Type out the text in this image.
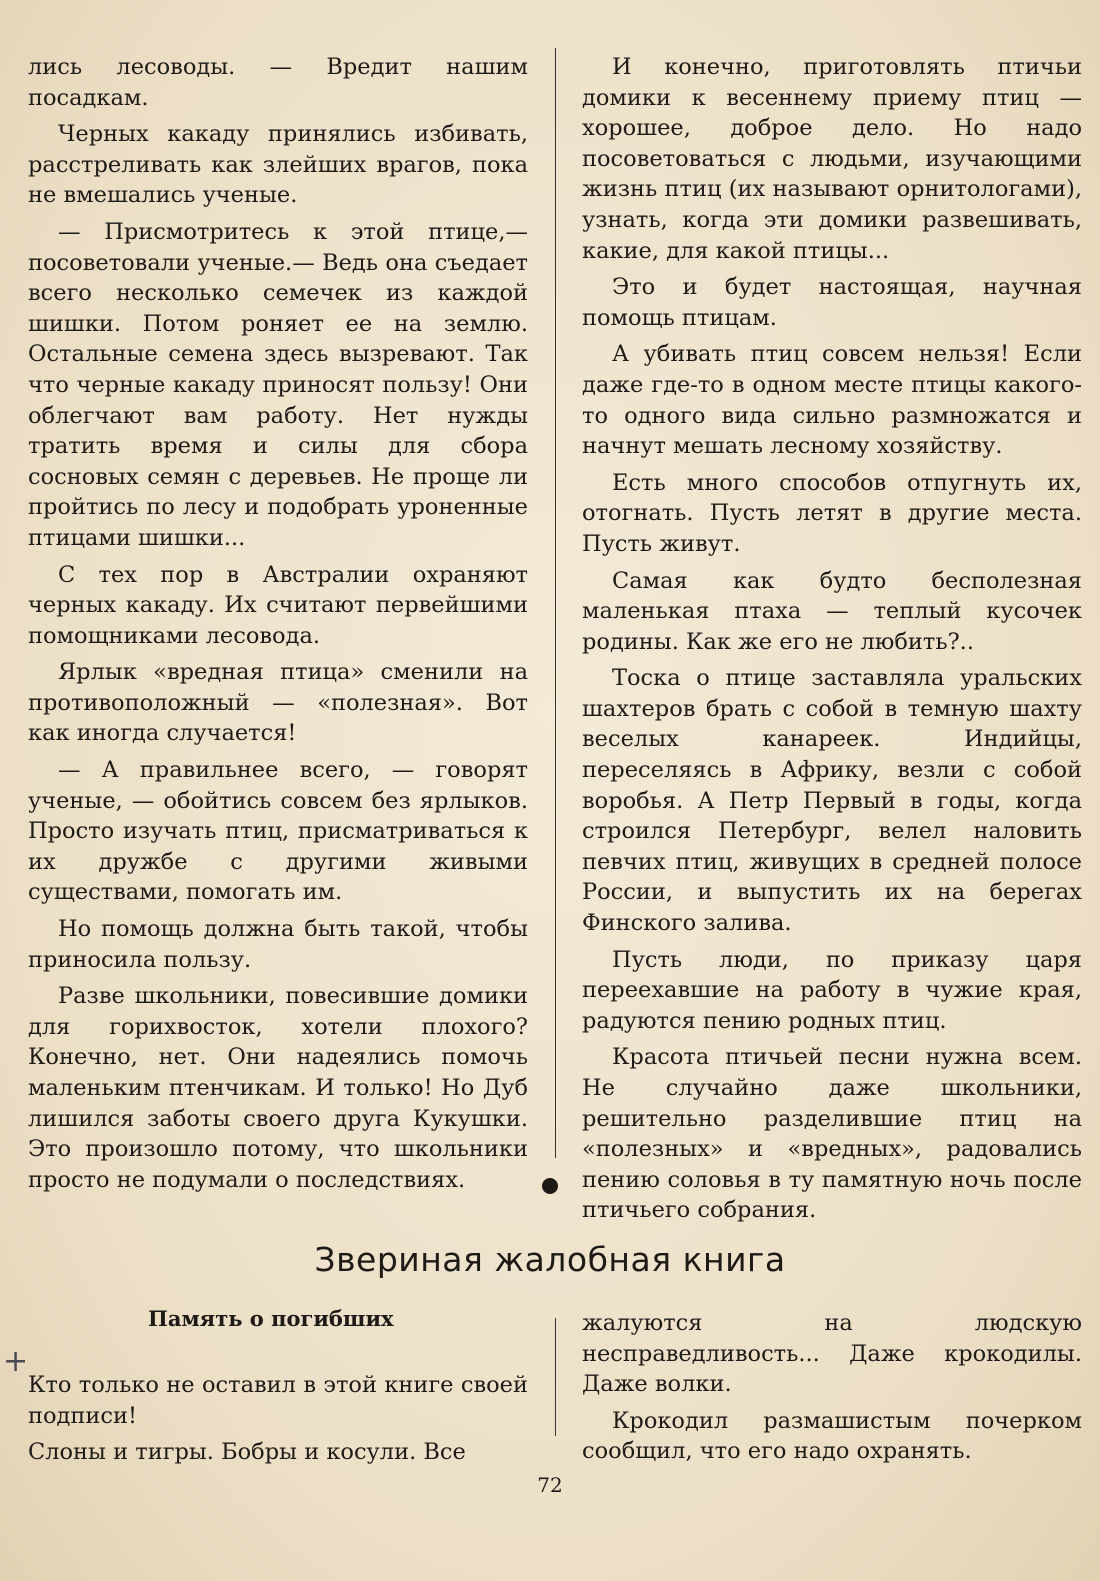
лись лесоводы. — Вредит нашим посадкам.

Черных какаду принялись избивать, расстреливать как злейших врагов, пока не вмешались ученые.

— Присмотритесь к этой птице,— посоветовали ученые.— Ведь она съедает всего несколько семечек из каждой шишки. Потом роняет ее на землю. Остальные семена здесь вызревают. Так что черные какаду приносят пользу! Они облегчают вам работу. Нет нужды тратить время и силы для сбора сосновых семян с деревьев. Не проще ли пройтись по лесу и подобрать уроненные птицами шишки...

С тех пор в Австралии охраняют черных какаду. Их считают первейшими помощниками лесовода.

Ярлык «вредная птица» сменили на противоположный — «полезная». Вот как иногда случается!

— А правильнее всего, — говорят ученые, — обойтись совсем без ярлыков. Просто изучать птиц, присматриваться к их дружбе с другими живыми существами, помогать им.

Но помощь должна быть такой, чтобы приносила пользу.

Разве школьники, повесившие домики для горихвосток, хотели плохого? Конечно, нет. Они надеялись помочь маленьким птенчикам. И только! Но Дуб лишился заботы своего друга Кукушки. Это произошло потому, что школьники просто не подумали о последствиях.

И конечно, приготовлять птичьи домики к весеннему приему птиц — хорошее, доброе дело. Но надо посоветоваться с людьми, изучающими жизнь птиц (их называют орнитологами), узнать, когда эти домики развешивать, какие, для какой птицы...

Это и будет настоящая, научная помощь птицам.

А убивать птиц совсем нельзя! Если даже где-то в одном месте птицы какого-то одного вида сильно размножатся и начнут мешать лесному хозяйству.

Есть много способов отпугнуть их, отогнать. Пусть летят в другие места. Пусть живут.

Самая как будто бесполезная маленькая птаха — теплый кусочек родины. Как же его не любить?..

Тоска о птице заставляла уральских шахтеров брать с собой в темную шахту веселых канареек. Индийцы, переселяясь в Африку, везли с собой воробья. А Петр Первый в годы, когда строился Петербург, велел наловить певчих птиц, живущих в средней полосе России, и выпустить их на берегах Финского залива.

Пусть люди, по приказу царя переехавшие на работу в чужие края, радуются пению родных птиц.

Красота птичьей песни нужна всем. Не случайно даже школьники, решительно разделившие птиц на «полезных» и «вредных», радовались пению соловья в ту памятную ночь после птичьего собрания.

Звериная жалобная книга
Память о погибших
+

Кто только не оставил в этой книге своей подписи!

Слоны и тигры. Бобры и косули. Все

жалуются на людскую несправедливость... Даже крокодилы. Даже волки.

Крокодил размашистым почерком сообщил, что его надо охранять.

72
